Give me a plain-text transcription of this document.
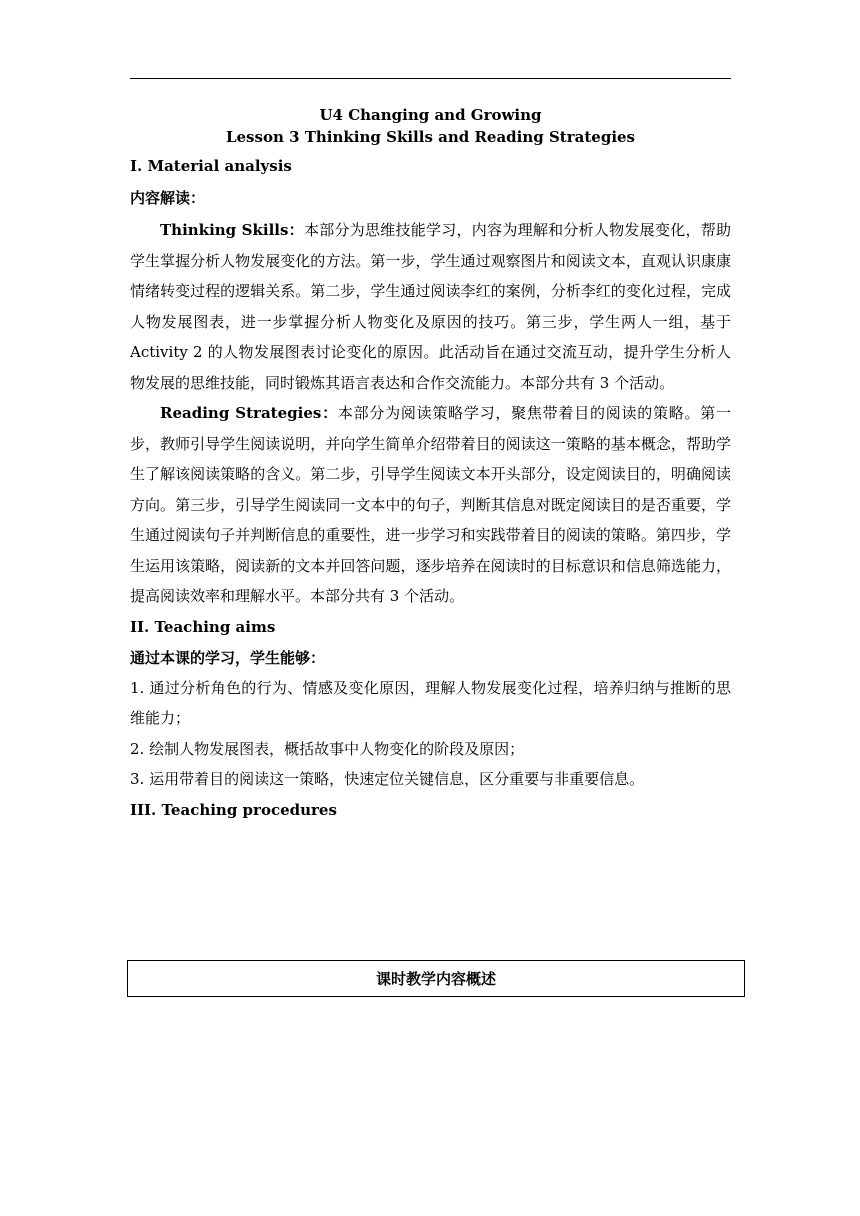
U4 Changing and Growing

Lesson 3 Thinking Skills and Reading Strategies

I. Material analysis

内容解读：

Thinking Skills：本部分为思维技能学习，内容为理解和分析人物发展变化，帮助学生掌握分析人物发展变化的方法。第一步，学生通过观察图片和阅读文本，直观认识康康情绪转变过程的逻辑关系。第二步，学生通过阅读李红的案例，分析李红的变化过程，完成人物发展图表，进一步掌握分析人物变化及原因的技巧。第三步，学生两人一组，基于 Activity 2 的人物发展图表讨论变化的原因。此活动旨在通过交流互动，提升学生分析人物发展的思维技能，同时锻炼其语言表达和合作交流能力。本部分共有 3 个活动。

Reading Strategies：本部分为阅读策略学习，聚焦带着目的阅读的策略。第一步，教师引导学生阅读说明，并向学生简单介绍带着目的阅读这一策略的基本概念，帮助学生了解该阅读策略的含义。第二步，引导学生阅读文本开头部分，设定阅读目的，明确阅读方向。第三步，引导学生阅读同一文本中的句子，判断其信息对既定阅读目的是否重要，学生通过阅读句子并判断信息的重要性，进一步学习和实践带着目的阅读的策略。第四步，学生运用该策略，阅读新的文本并回答问题，逐步培养在阅读时的目标意识和信息筛选能力，提高阅读效率和理解水平。本部分共有 3 个活动。

II. Teaching aims

通过本课的学习，学生能够：

1. 通过分析角色的行为、情感及变化原因，理解人物发展变化过程，培养归纳与推断的思维能力；

2. 绘制人物发展图表，概括故事中人物变化的阶段及原因；

3. 运用带着目的阅读这一策略，快速定位关键信息，区分重要与非重要信息。

III. Teaching procedures

课时教学内容概述
